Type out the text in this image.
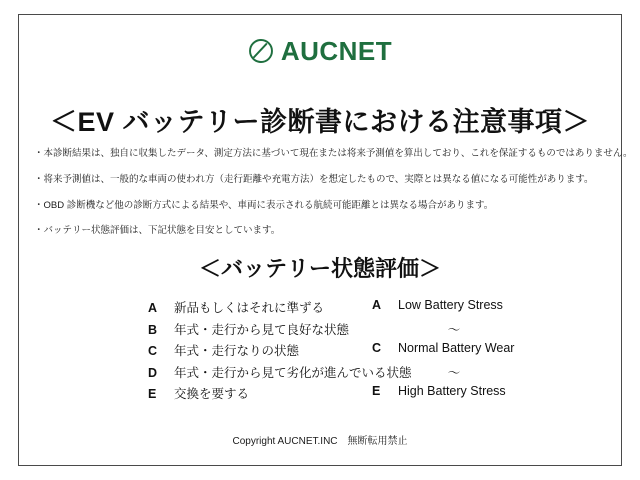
AUCNET
＜EV バッテリー診断書における注意事項＞
・本診断結果は、独自に収集したデータ、測定方法に基づいて現在または将来予測値を算出しており、これを保証するものではありません。
・将来予測値は、一般的な車両の使われ方（走行距離や充電方法）を想定したもので、実際とは異なる値になる可能性があります。
・OBD 診断機など他の診断方式による結果や、車両に表示される航続可能距離とは異なる場合があります。
・バッテリー状態評価は、下記状態を目安としています。
＜バッテリー状態評価＞
A	新品もしくはそれに準ずる
B	年式・走行から見て良好な状態
C	年式・走行なりの状態
D	年式・走行から見て劣化が進んでいる状態
E	交換を要する
A	Low Battery Stress
〜
C	Normal Battery Wear
〜
E	High Battery Stress
Copyright AUCNET.INC　無断転用禁止
